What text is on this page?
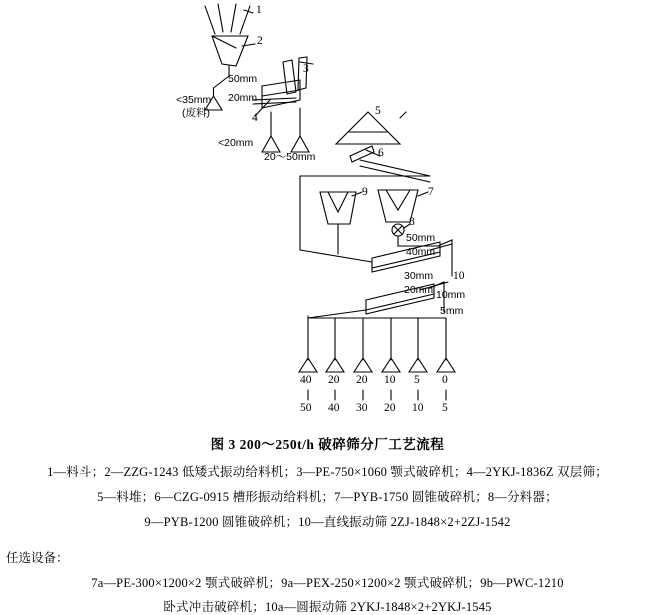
1
2
3
4
5
6
7
8
9
10
50mm
20mm
<35mm
(废料)
<20mm
20～50mm
50mm
40mm
30mm
20mm 10mm
5mm
40 20 20 10 5 0
50 40 30 20 10 5
图 3 200～250t/h 破碎筛分厂工艺流程
1—料斗；2—ZZG-1243 低矮式振动给料机；3—PE-750×1060 颚式破碎机；4—2YKJ-1836Z 双层筛；
5—料堆；6—CZG-0915 槽形振动给料机；7—PYB-1750 圆锥破碎机；8—分料器；
9—PYB-1200 圆锥破碎机；10—直线振动筛 2ZJ-1848×2+2ZJ-1542
任选设备：
7a—PE-300×1200×2 颚式破碎机；9a—PEX-250×1200×2 颚式破碎机；9b—PWC-1210
卧式冲击破碎机；10a—圆振动筛 2YKJ-1848×2+2YKJ-1545
